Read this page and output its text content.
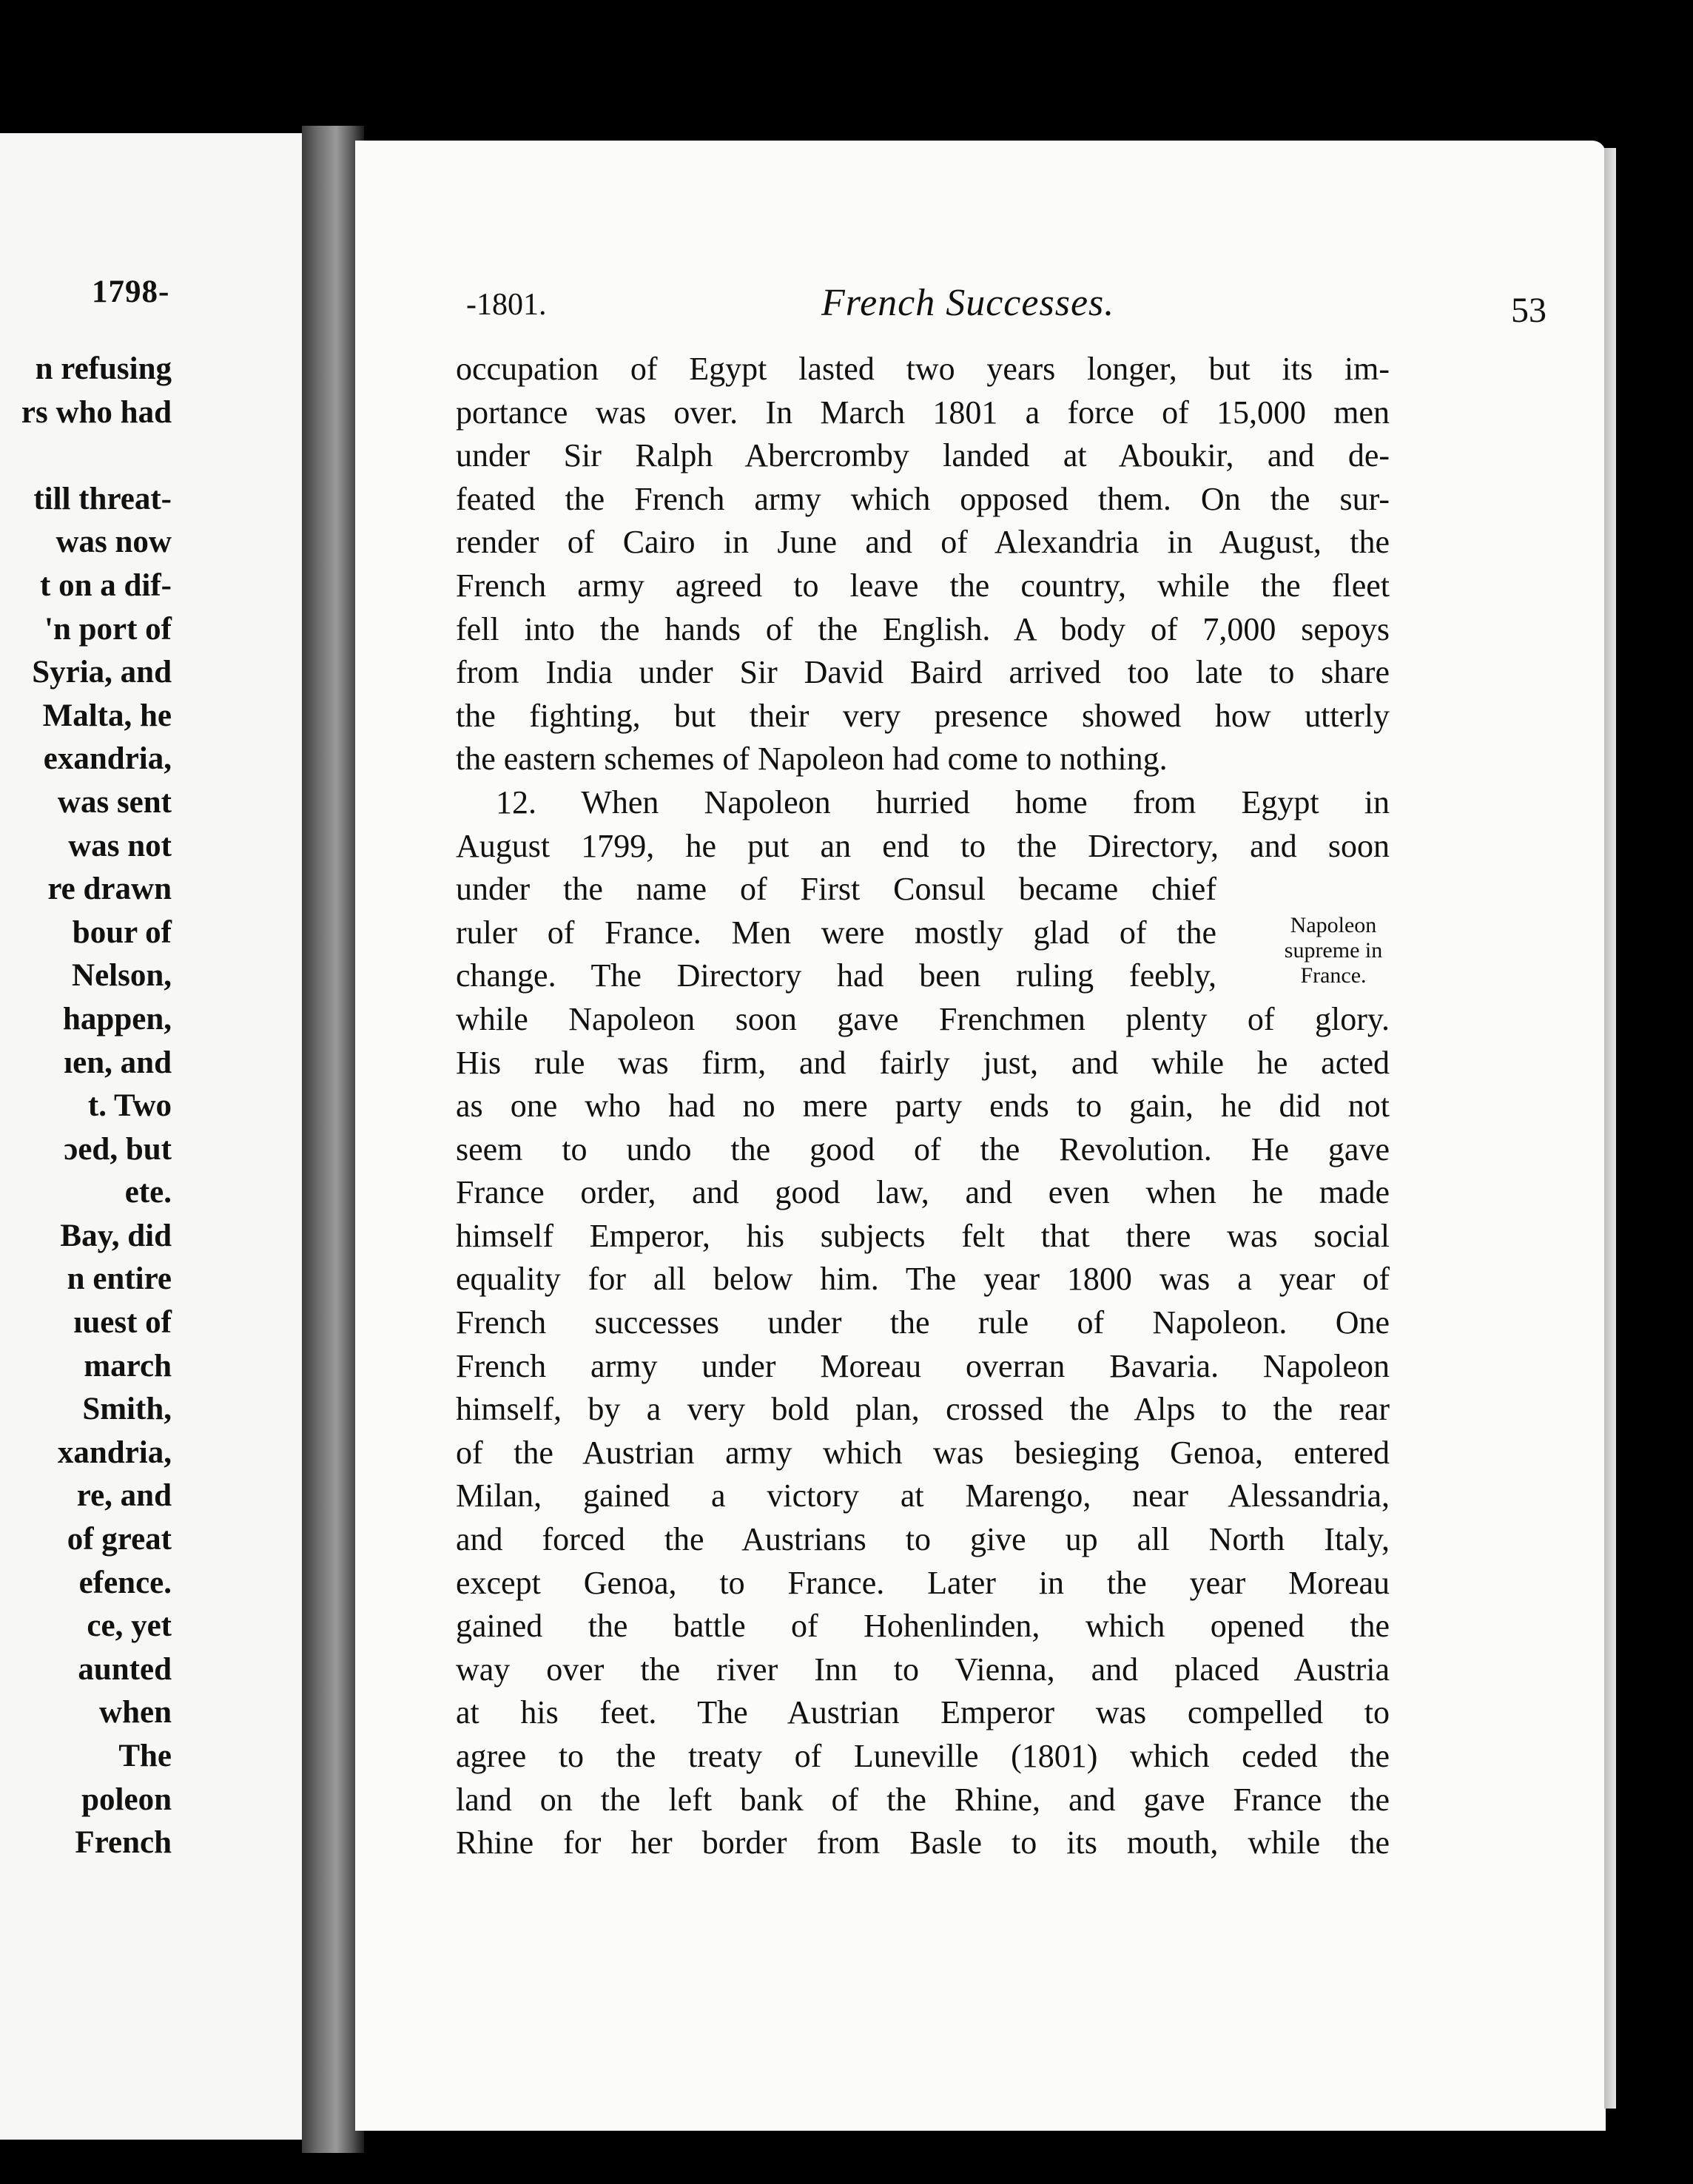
1798-
n refusing
rs who had
till threat-
was now
t on a dif-
'n port of
Syria, and
Malta, he
exandria,
was sent
was not
re drawn
bour of
Nelson,
happen,
ıen, and
t. Two
ɔed, but
ete.
Bay, did
n entire
ıuest of
march
Smith,
xandria,
re, and
of great
efence.
ce, yet
aunted
when
The
poleon
French
-1801.	French Successes.	53
Napoleon
supreme in
France.
occupation of Egypt lasted two years longer, but its im-
portance was over. In March 1801 a force of 15,000 men
under Sir Ralph Abercromby landed at Aboukir, and de-
feated the French army which opposed them. On the sur-
render of Cairo in June and of Alexandria in August, the
French army agreed to leave the country, while the fleet
fell into the hands of the English. A body of 7,000 sepoys
from India under Sir David Baird arrived too late to share
the fighting, but their very presence showed how utterly
the eastern schemes of Napoleon had come to nothing.
12. When Napoleon hurried home from Egypt in
August 1799, he put an end to the Directory, and soon
under the name of First Consul became chief
ruler of France. Men were mostly glad of the
change. The Directory had been ruling feebly,
while Napoleon soon gave Frenchmen plenty of glory.
His rule was firm, and fairly just, and while he acted
as one who had no mere party ends to gain, he did not
seem to undo the good of the Revolution. He gave
France order, and good law, and even when he made
himself Emperor, his subjects felt that there was social
equality for all below him. The year 1800 was a year of
French successes under the rule of Napoleon. One
French army under Moreau overran Bavaria. Napoleon
himself, by a very bold plan, crossed the Alps to the rear
of the Austrian army which was besieging Genoa, entered
Milan, gained a victory at Marengo, near Alessandria,
and forced the Austrians to give up all North Italy,
except Genoa, to France. Later in the year Moreau
gained the battle of Hohenlinden, which opened the
way over the river Inn to Vienna, and placed Austria
at his feet. The Austrian Emperor was compelled to
agree to the treaty of Luneville (1801) which ceded the
land on the left bank of the Rhine, and gave France the
Rhine for her border from Basle to its mouth, while the
